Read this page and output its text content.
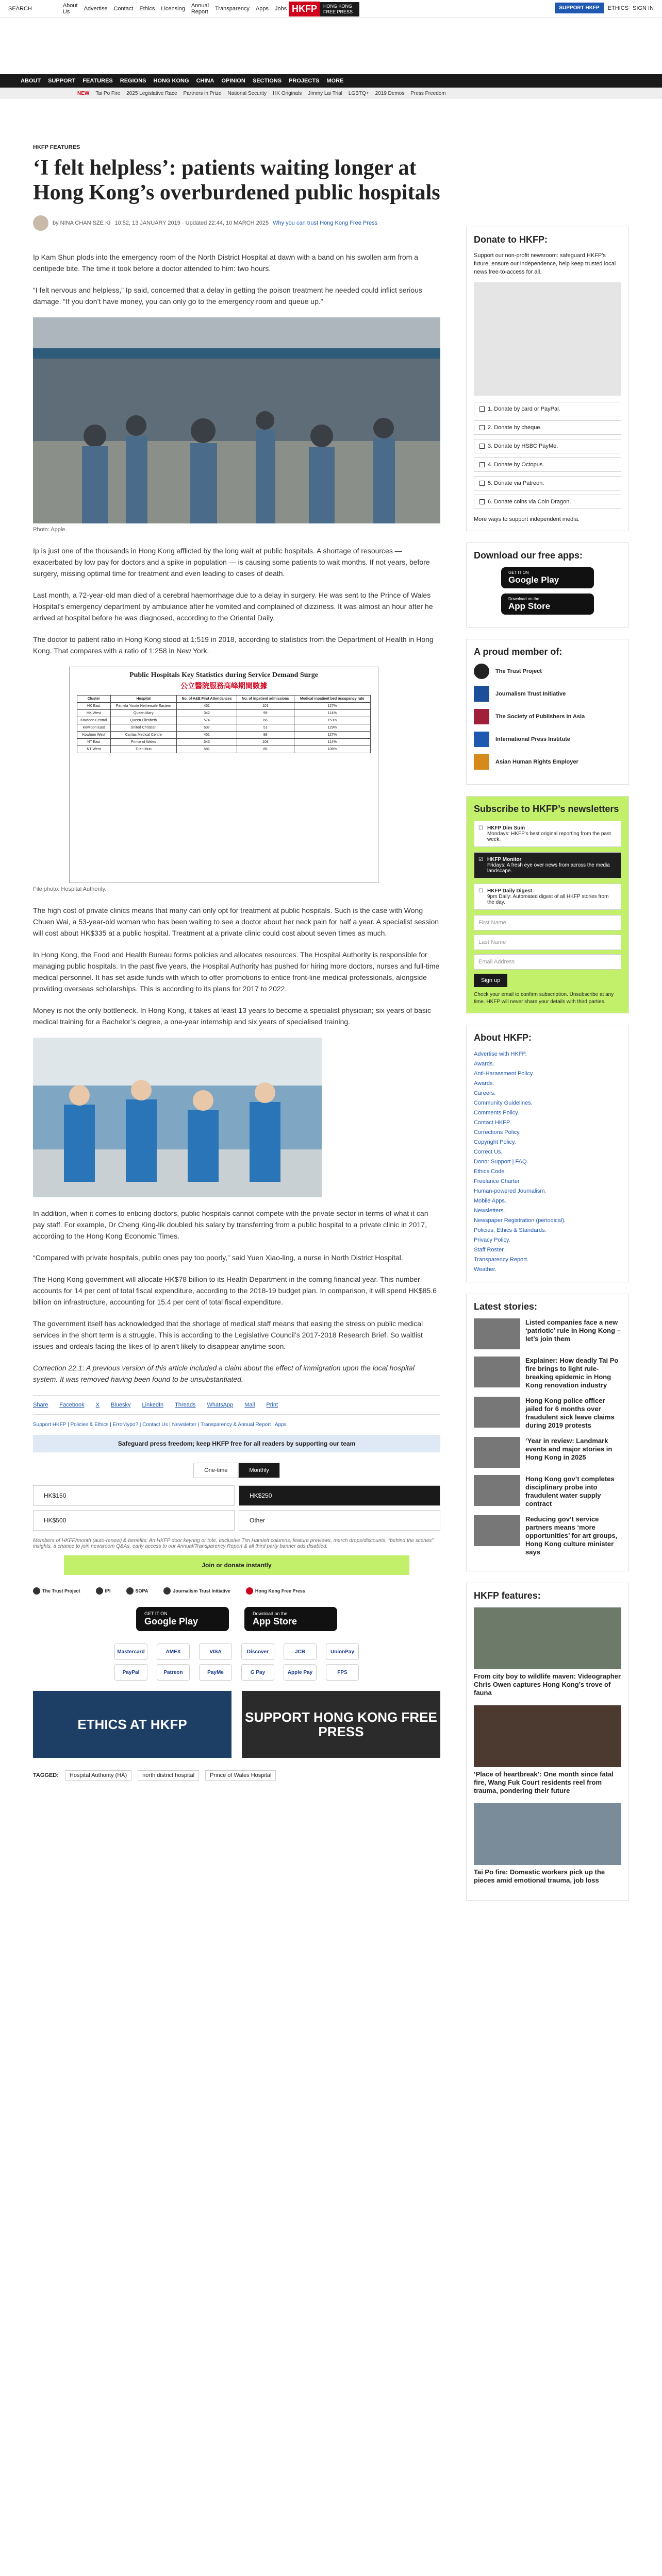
SEARCH	About Us	Advertise Contact Ethics Licensing Annual Report Transparency Apps Jobs HKFP	HONG KONG FREE PRESS
SUPPORT HKFP	ETHICS SIGN IN
ABOUT SUPPORT FEATURES REGIONS HONG KONG CHINA OPINION SECTIONS PROJECTS MORE
NEW Tai Po Fire 2025 Legislative Race Partners in Prize National Security HK Originals Jimmy Lai Trial LGBTQ+ 2019 Demos Press Freedom
HKFP FEATURES
‘I felt helpless’: patients waiting longer at Hong Kong’s overburdened public hospitals
by NINA CHAN SZE KI 10:52, 13 JANUARY 2019 · Updated 22:44, 10 MARCH 2025 Why you can trust Hong Kong Free Press

Ip Kam Shun plods into the emergency room of the North District Hospital at dawn with a band on his swollen arm from a centipede bite. The time it took before a doctor attended to him: two hours.

“I felt nervous and helpless,” Ip said, concerned that a delay in getting the poison treatment he needed could inflict serious damage. “If you don’t have money, you can only go to the emergency room and queue up.”

Photo: Apple.

Ip is just one of the thousands in Hong Kong afflicted by the long wait at public hospitals. A shortage of resources — exacerbated by low pay for doctors and a spike in population — is causing some patients to wait months. If not years, before surgery, missing optimal time for treatment and even leading to cases of death.

Last month, a 72-year-old man died of a cerebral haemorrhage due to a delay in surgery. He was sent to the Prince of Wales Hospital’s emergency department by ambulance after he vomited and complained of dizziness. It was almost an hour after he arrived at hospital before he was diagnosed, according to the Oriental Daily.

The doctor to patient ratio in Hong Kong stood at 1:519 in 2018, according to statistics from the Department of Health in Hong Kong. That compares with a ratio of 1:258 in New York.

Public Hospitals Key Statistics during Service Demand Surge
公立醫院服務高峰期間數據
Cluster	Hospital	No. of A&E First Attendances	No. of inpatient admissions	Medical inpatient bed occupancy rate
HK East	Pamela Youde Nethersole Eastern	451	101	127%
HK West	Queen Mary	342	99	114%
Kowloon Central	Queen Elizabeth	574	66	153%
Kowloon East	United Christian	537	51	129%
Kowloon West	Caritas Medical Centre	451	88	127%
NT East	Prince of Wales	343	108	114%
NT West	Tuen Mun	581	88	108%
File photo: Hospital Authority.

The high cost of private clinics means that many can only opt for treatment at public hospitals. Such is the case with Wong Chuen Wai, a 53-year-old woman who has been waiting to see a doctor about her neck pain for half a year. A specialist session will cost about HK$335 at a public hospital. Treatment at a private clinic could cost about seven times as much.

In Hong Kong, the Food and Health Bureau forms policies and allocates resources. The Hospital Authority is responsible for managing public hospitals. In the past five years, the Hospital Authority has pushed for hiring more doctors, nurses and full-time medical personnel. It has set aside funds with which to offer promotions to entice front-line medical professionals, alongside providing overseas scholarships. This is according to its plans for 2017 to 2022.

Money is not the only bottleneck. In Hong Kong, it takes at least 13 years to become a specialist physician; six years of basic medical training for a Bachelor’s degree, a one-year internship and six years of specialised training.

In addition, when it comes to enticing doctors, public hospitals cannot compete with the private sector in terms of what it can pay staff. For example, Dr Cheng King-lik doubled his salary by transferring from a public hospital to a private clinic in 2017, according to the Hong Kong Economic Times.

“Compared with private hospitals, public ones pay too poorly,” said Yuen Xiao-ling, a nurse in North District Hospital.

The Hong Kong government will allocate HK$78 billion to its Health Department in the coming financial year. This number accounts for 14 per cent of total fiscal expenditure, according to the 2018-19 budget plan. In comparison, it will spend HK$85.6 billion on infrastructure, accounting for 15.4 per cent of total fiscal expenditure.

The government itself has acknowledged that the shortage of medical staff means that easing the stress on public medical services in the short term is a struggle. This is according to the Legislative Council’s 2017-2018 Research Brief. So waitlist issues and ordeals facing the likes of Ip aren’t likely to disappear anytime soon.

Correction 22.1: A previous version of this article included a claim about the effect of immigration upon the local hospital system. It was removed having been found to be unsubstantiated.

Share Facebook X Bluesky LinkedIn Threads WhatsApp Mail Print
Support HKFP | Policies & Ethics | Error/typo? | Contact Us | Newsletter | Transparency & Annual Report | Apps
Safeguard press freedom; keep HKFP free for all readers by supporting our team
One-time	Monthly
HK$150	HK$250
HK$500	Other
Members of HKFP/month (auto-renew) & benefits: An HKFP door keyring or tote, exclusive Tim Hamlett columns, feature previews, merch drops/discounts, “behind the scenes” insights, a chance to join newsroom Q&As, early access to our Annual/Transparency Report & all third party banner ads disabled.
Join or donate instantly
The Trust Project	IPI	SOPA	Journalism Trust Initiative	Hong Kong Free Press
GET IT ON
Google Play
Download on the
App Store
Mastercard	AMEX	VISA	Discover	JCB	UnionPay
PayPal	Patreon	PayMe	G Pay	Apple Pay	FPS
ETHICS AT HKFP	SUPPORT HONG KONG FREE PRESS
TAGGED:	Hospital Authority (HA)	north district hospital	Prince of Wales Hospital
Donate to HKFP:
Support our non-profit newsroom: safeguard HKFP's future, ensure our independence, help keep trusted local news free-to-access for all.
1. Donate by card or PayPal.
2. Donate by cheque.
3. Donate by HSBC PayMe.
4. Donate by Octopus.
5. Donate via Patreon.
6. Donate coins via Coin Dragon.
More ways to support independent media.
Download our free apps:
GET IT ON
Google Play
Download on the
App Store
A proud member of:
The Trust Project
Journalism Trust Initiative
The Society of Publishers in Asia
International Press Institute
Asian Human Rights Employer
Subscribe to HKFP’s newsletters
☐ HKFP Dim Sum
Mondays: HKFP's best original reporting from the past week.
☑ HKFP Monitor
Fridays: A fresh eye over news from across the media landscape.
☐ HKFP Daily Digest
9pm Daily: Automated digest of all HKFP stories from the day.
First Name
Last Name
Email Address
Sign up
Check your email to confirm subscription. Unsubscribe at any time. HKFP will never share your details with third parties.
About HKFP:
Advertise with HKFP.
Awards.
Anti-Harassment Policy.
Awards.
Careers.
Community Guidelines.
Comments Policy.
Contact HKFP.
Corrections Policy.
Copyright Policy.
Correct Us.
Donor Support | FAQ.
Ethics Code.
Freelance Charter.
Human-powered Journalism.
Mobile Apps.
Newsletters.
Newspaper Registration (periodical).
Policies, Ethics & Standards.
Privacy Policy.
Staff Roster.
Transparency Report.
Weather.
Latest stories:
Listed companies face a new ‘patriotic’ rule in Hong Kong – let’s join them
Explainer: How deadly Tai Po fire brings to light rule-breaking epidemic in Hong Kong renovation industry
Hong Kong police officer jailed for 6 months over fraudulent sick leave claims during 2019 protests
‘Year in review: Landmark events and major stories in Hong Kong in 2025
Hong Kong gov’t completes disciplinary probe into fraudulent water supply contract
Reducing gov’t service partners means ‘more opportunities’ for art groups, Hong Kong culture minister says
HKFP features:
From city boy to wildlife maven: Videographer Chris Owen captures Hong Kong’s trove of fauna
‘Place of heartbreak’: One month since fatal fire, Wang Fuk Court residents reel from trauma, pondering their future
Tai Po fire: Domestic workers pick up the pieces amid emotional trauma, job loss
